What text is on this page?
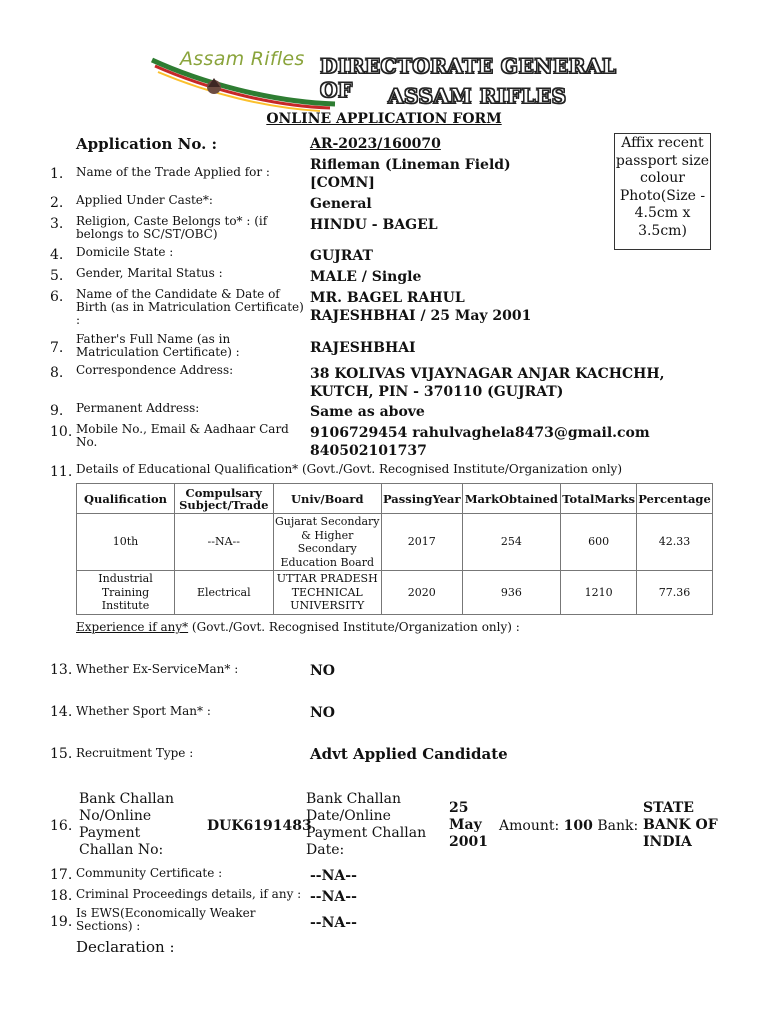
Assam Rifles DIRECTORATE GENERAL OF	ASSAM RIFLES
ONLINE APPLICATION FORM
Application No. :	AR-2023/160070	Affix recent passport size colour Photo(Size - 4.5cm x 3.5cm)
1. Name of the Trade Applied for :	Rifleman (Lineman Field) [COMN]
2. Applied Under Caste*:	General
3. Religion, Caste Belongs to* : (if belongs to SC/ST/OBC)
HINDU - BAGEL
4. Domicile State :	GUJRAT
5. Gender, Marital Status :	MALE / Single
6. Name of the Candidate & Date of Birth (as in Matriculation Certificate) :
MR. BAGEL RAHUL RAJESHBHAI / 25 May 2001
7.
Father's Full Name (as in Matriculation Certificate) :	RAJESHBHAI
8. Correspondence Address:	38 KOLIVAS VIJAYNAGAR ANJAR KACHCHH, KUTCH, PIN - 370110 (GUJRAT)
9. Permanent Address:	Same as above
10. Mobile No., Email & Aadhaar Card No.
9106729454 rahulvaghela8473@gmail.com 840502101737
11. Details of Educational Qualification* (Govt./Govt. Recognised Institute/Organization only)
Qualification	Compulsary Subject/Trade	Univ/Board	PassingYear	MarkObtained	TotalMarks	Percentage
10th	--NA--	Gujarat Secondary & Higher Secondary Education Board	2017	254	600	42.33
Industrial Training Institute	Electrical	UTTAR PRADESH TECHNICAL UNIVERSITY	2020	936	1210	77.36
Experience if any* (Govt./Govt. Recognised Institute/Organization only) :
13. Whether Ex-ServiceMan* :	NO
14. Whether Sport Man* :	NO
15. Recruitment Type :	Advt Applied Candidate
16.
Bank Challan No/Online Payment Challan No:
DUK6191483
Bank Challan Date/Online Payment Challan Date:
25 May 2001
Amount: 100 Bank:
STATE BANK OF INDIA
17. Community Certificate :	--NA--
18. Criminal Proceedings details, if any : --NA--
19.
Is EWS(Economically Weaker Sections) :	--NA--
Declaration :
